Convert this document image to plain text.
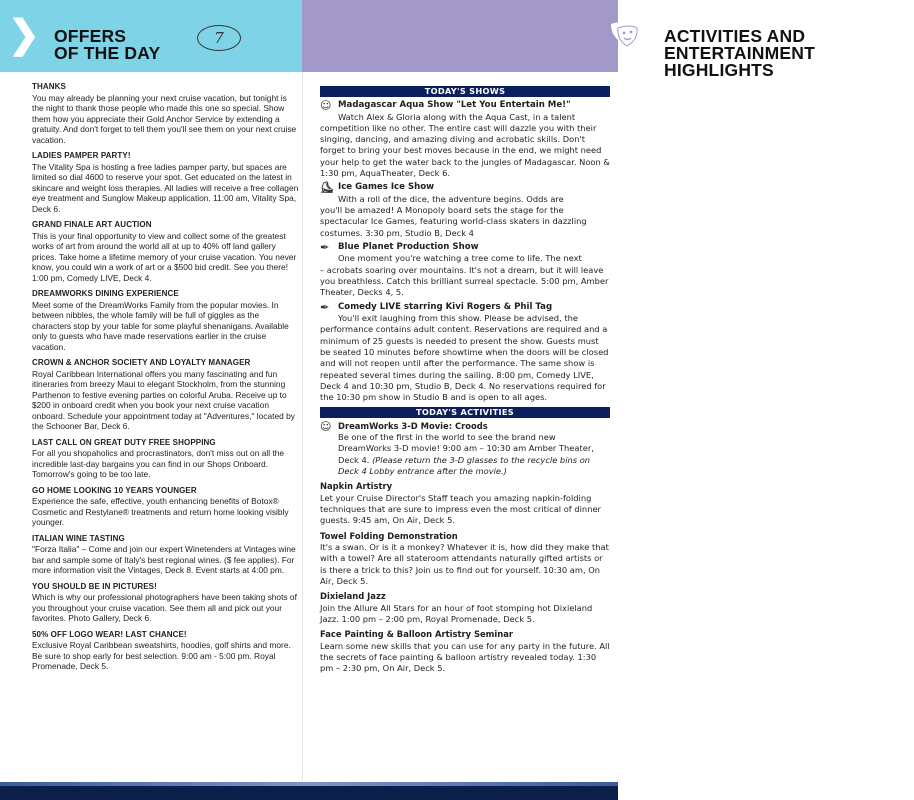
❯ OFFERS
OF THE DAY
7	ACTIVITIES AND
ENTERTAINMENT HIGHLIGHTS
THANKS

You may already be planning your next cruise vacation, but tonight is the night to thank those people who made this one so special. Show them how you appreciate their Gold Anchor Service by extending a gratuity. And don't forget to tell them you'll see them on your next cruise vacation.

LADIES PAMPER PARTY!

The Vitality Spa is hosting a free ladies pamper party, but spaces are limited so dial 4600 to reserve your spot. Get educated on the latest in skincare and weight loss therapies. All ladies will receive a free collagen eye treatment and Sunglow Makeup application. 11:00 am, Vitality Spa, Deck 6.

GRAND FINALE ART AUCTION

This is your final opportunity to view and collect some of the greatest works of art from around the world all at up to 40% off land gallery prices. Take home a lifetime memory of your cruise vacation. You never know, you could win a work of art or a $500 bid credit. See you there! 1:00 pm, Comedy LIVE, Deck 4.

DREAMWORKS DINING EXPERIENCE

Meet some of the DreamWorks Family from the popular movies. In between nibbles, the whole family will be full of giggles as the characters stop by your table for some playful shenanigans. Available only to guests who have made reservations earlier in the cruise vacation.

CROWN & ANCHOR SOCIETY AND LOYALTY MANAGER

Royal Caribbean International offers you many fascinating and fun itineraries from breezy Maui to elegant Stockholm, from the stunning Parthenon to festive evening parties on colorful Aruba. Receive up to $200 in onboard credit when you book your next cruise vacation onboard. Schedule your appointment today at "Adventures," located by the Schooner Bar, Deck 6.

LAST CALL ON GREAT DUTY FREE SHOPPING

For all you shopaholics and procrastinators, don't miss out on all the incredible last-day bargains you can find in our Shops Onboard. Tomorrow's going to be too late.

GO HOME LOOKING 10 YEARS YOUNGER

Experience the safe, effective, youth enhancing benefits of Botox® Cosmetic and Restylane® treatments and return home looking visibly younger.

ITALIAN WINE TASTING

"Forza Italia" – Come and join our expert Winetenders at Vintages wine bar and sample some of Italy's best regional wines. ($ fee applies). For more information visit the Vintages, Deck 8. Event starts at 4:00 pm.

YOU SHOULD BE IN PICTURES!

Which is why our professional photographers have been taking shots of you throughout your cruise vacation. See them all and pick out your favorites. Photo Gallery, Deck 6.

50% OFF LOGO WEAR! LAST CHANCE!

Exclusive Royal Caribbean sweatshirts, hoodies, golf shirts and more. Be sure to shop early for best selection. 9:00 am - 5:00 pm. Royal Promenade, Deck 5.

TODAY'S SHOWS
☺ Madagascar Aqua Show "Let You Entertain Me!"

Watch Alex & Gloria along with the Aqua Cast, in a talent

competition like no other. The entire cast will dazzle you with their singing, dancing, and amazing diving and acrobatic skills. Don't forget to bring your best moves because in the end, we might need your help to get the water back to the jungles of Madagascar. Noon & 1:30 pm, AquaTheater, Deck 6.

⛸ Ice Games Ice Show

With a roll of the dice, the adventure begins. Odds are

you'll be amazed! A Monopoly board sets the stage for the spectacular Ice Games, featuring world-class skaters in dazzling costumes. 3:30 pm, Studio B, Deck 4

✒ Blue Planet Production Show

One moment you're watching a tree come to life. The next

– acrobats soaring over mountains. It's not a dream, but it will leave you breathless. Catch this brilliant surreal spectacle. 5:00 pm, Amber Theater, Decks 4, 5.

✒ Comedy LIVE starring Kivi Rogers & Phil Tag

You'll exit laughing from this show. Please be advised, the

performance contains adult content. Reservations are required and a minimum of 25 guests is needed to present the show. Guests must be seated 10 minutes before showtime when the doors will be closed and will not reopen until after the performance. The same show is repeated several times during the sailing. 8:00 pm, Comedy LIVE, Deck 4 and 10:30 pm, Studio B, Deck 4. No reservations required for the 10:30 pm show in Studio B and is open to all ages.

TODAY'S ACTIVITIES
☺ DreamWorks 3-D Movie: Croods

Be one of the first in the world to see the brand new DreamWorks 3-D movie! 9:00 am – 10:30 am Amber Theater, Deck 4. (Please return the 3-D glasses to the recycle bins on Deck 4 Lobby entrance after the movie.)

Napkin Artistry

Let your Cruise Director's Staff teach you amazing napkin-folding techniques that are sure to impress even the most critical of dinner guests. 9:45 am, On Air, Deck 5.

Towel Folding Demonstration

It's a swan. Or is it a monkey? Whatever it is, how did they make that with a towel? Are all stateroom attendants naturally gifted artists or is there a trick to this? Join us to find out for yourself. 10:30 am, On Air, Deck 5.

Dixieland Jazz

Join the Allure All Stars for an hour of foot stomping hot Dixieland Jazz. 1:00 pm – 2:00 pm, Royal Promenade, Deck 5.

Face Painting & Balloon Artistry Seminar

Learn some new skills that you can use for any party in the future. All the secrets of face painting & balloon artistry revealed today. 1:30 pm – 2:30 pm, On Air, Deck 5.
